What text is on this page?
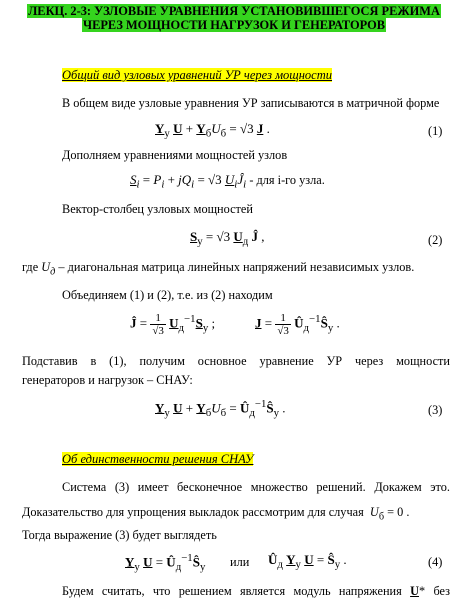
ЛЕКЦ. 2-3: УЗЛОВЫЕ УРАВНЕНИЯ УСТАНОВИВШЕГОСЯ РЕЖИМА
ЧЕРЕЗ МОЩНОСТИ НАГРУЗОК И ГЕНЕРАТОРОВ
Общий вид узловых уравнений УР через мощности
В общем виде узловые уравнения УР записываются в матричной форме
$Y_у$ $U + Y_бU_б = √3$ J .	(1)
Дополняем уравнениями мощностей узлов
$S_i = P_i + jQ_i = √3$ $U_iĴ_i$ - для i-го узла.
Вектор-столбец узловых мощностей
$S_у = √3$ $U_д$ Ĵ ,	(2)
где $U_д$ – диагональная матрица линейных напряжений независимых узлов.
Объединяем (1) и (2), т.е. из (2) находим
Ĵ = $\frac{1}{√3} U_д^{-1}S_у$ ;	$J = \frac{1}{√3}$ $Û_д^{-1}Ŝ_у$ .
Подставив в (1), получим основное уравнение УР через мощности
генераторов и нагрузок – СНАУ:
$Y_у$ $U + Y_бU_б$ = $Û_д^{-1}Ŝ_у$ .	(3)
Об единственности решения СНАУ
Система (3) имеет бесконечное множество решений. Докажем это.
Доказательство для упрощения выкладок рассмотрим для случая $U_б = 0$ .
Тогда выражение (3) будет выглядеть
$Y_у$ $U = Û_д^{-1}Ŝ_у$ или $Û_д$ $Y_у$ $U = Ŝ_у$ .	(4)
Будем считать, что решением является модуль напряжения U* без
